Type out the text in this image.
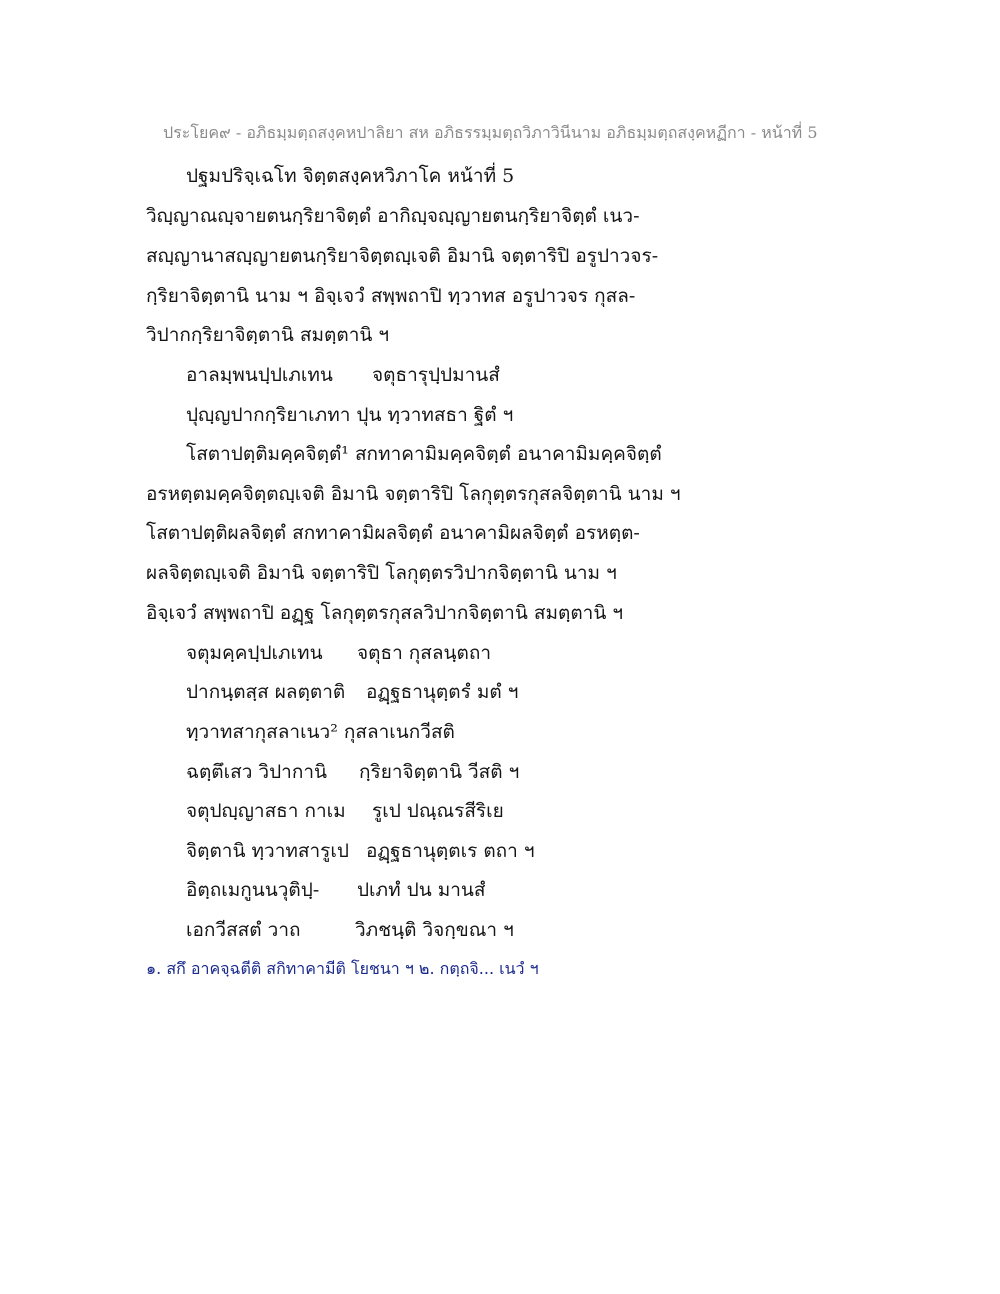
ประโยค๙ - อภิธมฺมตฺถสงฺคหปาลิยา สห อภิธรรมฺมตฺถวิภาวินีนาม อภิธมฺมตฺถสงฺคหฏีกา - หน้าที่ 5
ปฐมปริจฺเฉโท จิตฺตสงฺคหวิภาโค หน้าที่ 5
วิญฺญาณญฺจายตนกฺริยาจิตฺตํ อากิญฺจญฺญายตนกฺริยาจิตฺตํ เนว-
สญฺญานาสญฺญายตนกฺริยาจิตฺตญฺเจติ อิมานิ จตฺตาริปิ อรูปาวจร-
กฺริยาจิตฺตานิ นาม ฯ อิจฺเจวํ สพฺพถาปิ ทฺวาทส อรูปาวจร กุสล-
วิปากกฺริยาจิตฺตานิ สมตฺตานิ ฯ
อาลมฺพนปฺปเภเทน จตุธารุปฺปมานสํ
ปุญฺญปากกฺริยาเภทา ปุน ทฺวาทสธา ฐิตํ ฯ
โสตาปตฺติมคฺคจิตฺตํ¹ สกทาคามิมคฺคจิตฺตํ อนาคามิมคฺคจิตฺตํ
อรหตฺตมคฺคจิตฺตญฺเจติ อิมานิ จตฺตาริปิ โลกุตฺตรกุสลจิตฺตานิ นาม ฯ
โสตาปตฺติผลจิตฺตํ สกทาคามิผลจิตฺตํ อนาคามิผลจิตฺตํ อรหตฺต-
ผลจิตฺตญฺเจติ อิมานิ จตฺตาริปิ โลกุตฺตรวิปากจิตฺตานิ นาม ฯ
อิจฺเจวํ สพฺพถาปิ อฏฺฐ โลกุตฺตรกุสลวิปากจิตฺตานิ สมตฺตานิ ฯ
จตุมคฺคปฺปเภเทน จตุธา กุสลนฺตถา
ปากนฺตสฺส ผลตฺตาติ อฏฺฐธานุตฺตรํ มตํ ฯ
ทฺวาทสากุสลาเนว² กุสลาเนกวีสติ
ฉตฺตึเสว วิปากานิ กฺริยาจิตฺตานิ วีสติ ฯ
จตุปญฺญาสธา กาเม รูเป ปณฺณรสีริเย
จิตฺตานิ ทฺวาทสารูเป อฏฺฐธานุตฺตเร ตถา ฯ
อิตฺถเมกูนนวุติปฺ- ปเภทํ ปน มานสํ
เอกวีสสตํ วาถ	วิภชนฺติ วิจกฺขณา ฯ
๑. สกึ อาคจฺฉตีติ สกิทาคามีติ โยชนา ฯ ๒. กตฺถจิ... เนวํ ฯ
